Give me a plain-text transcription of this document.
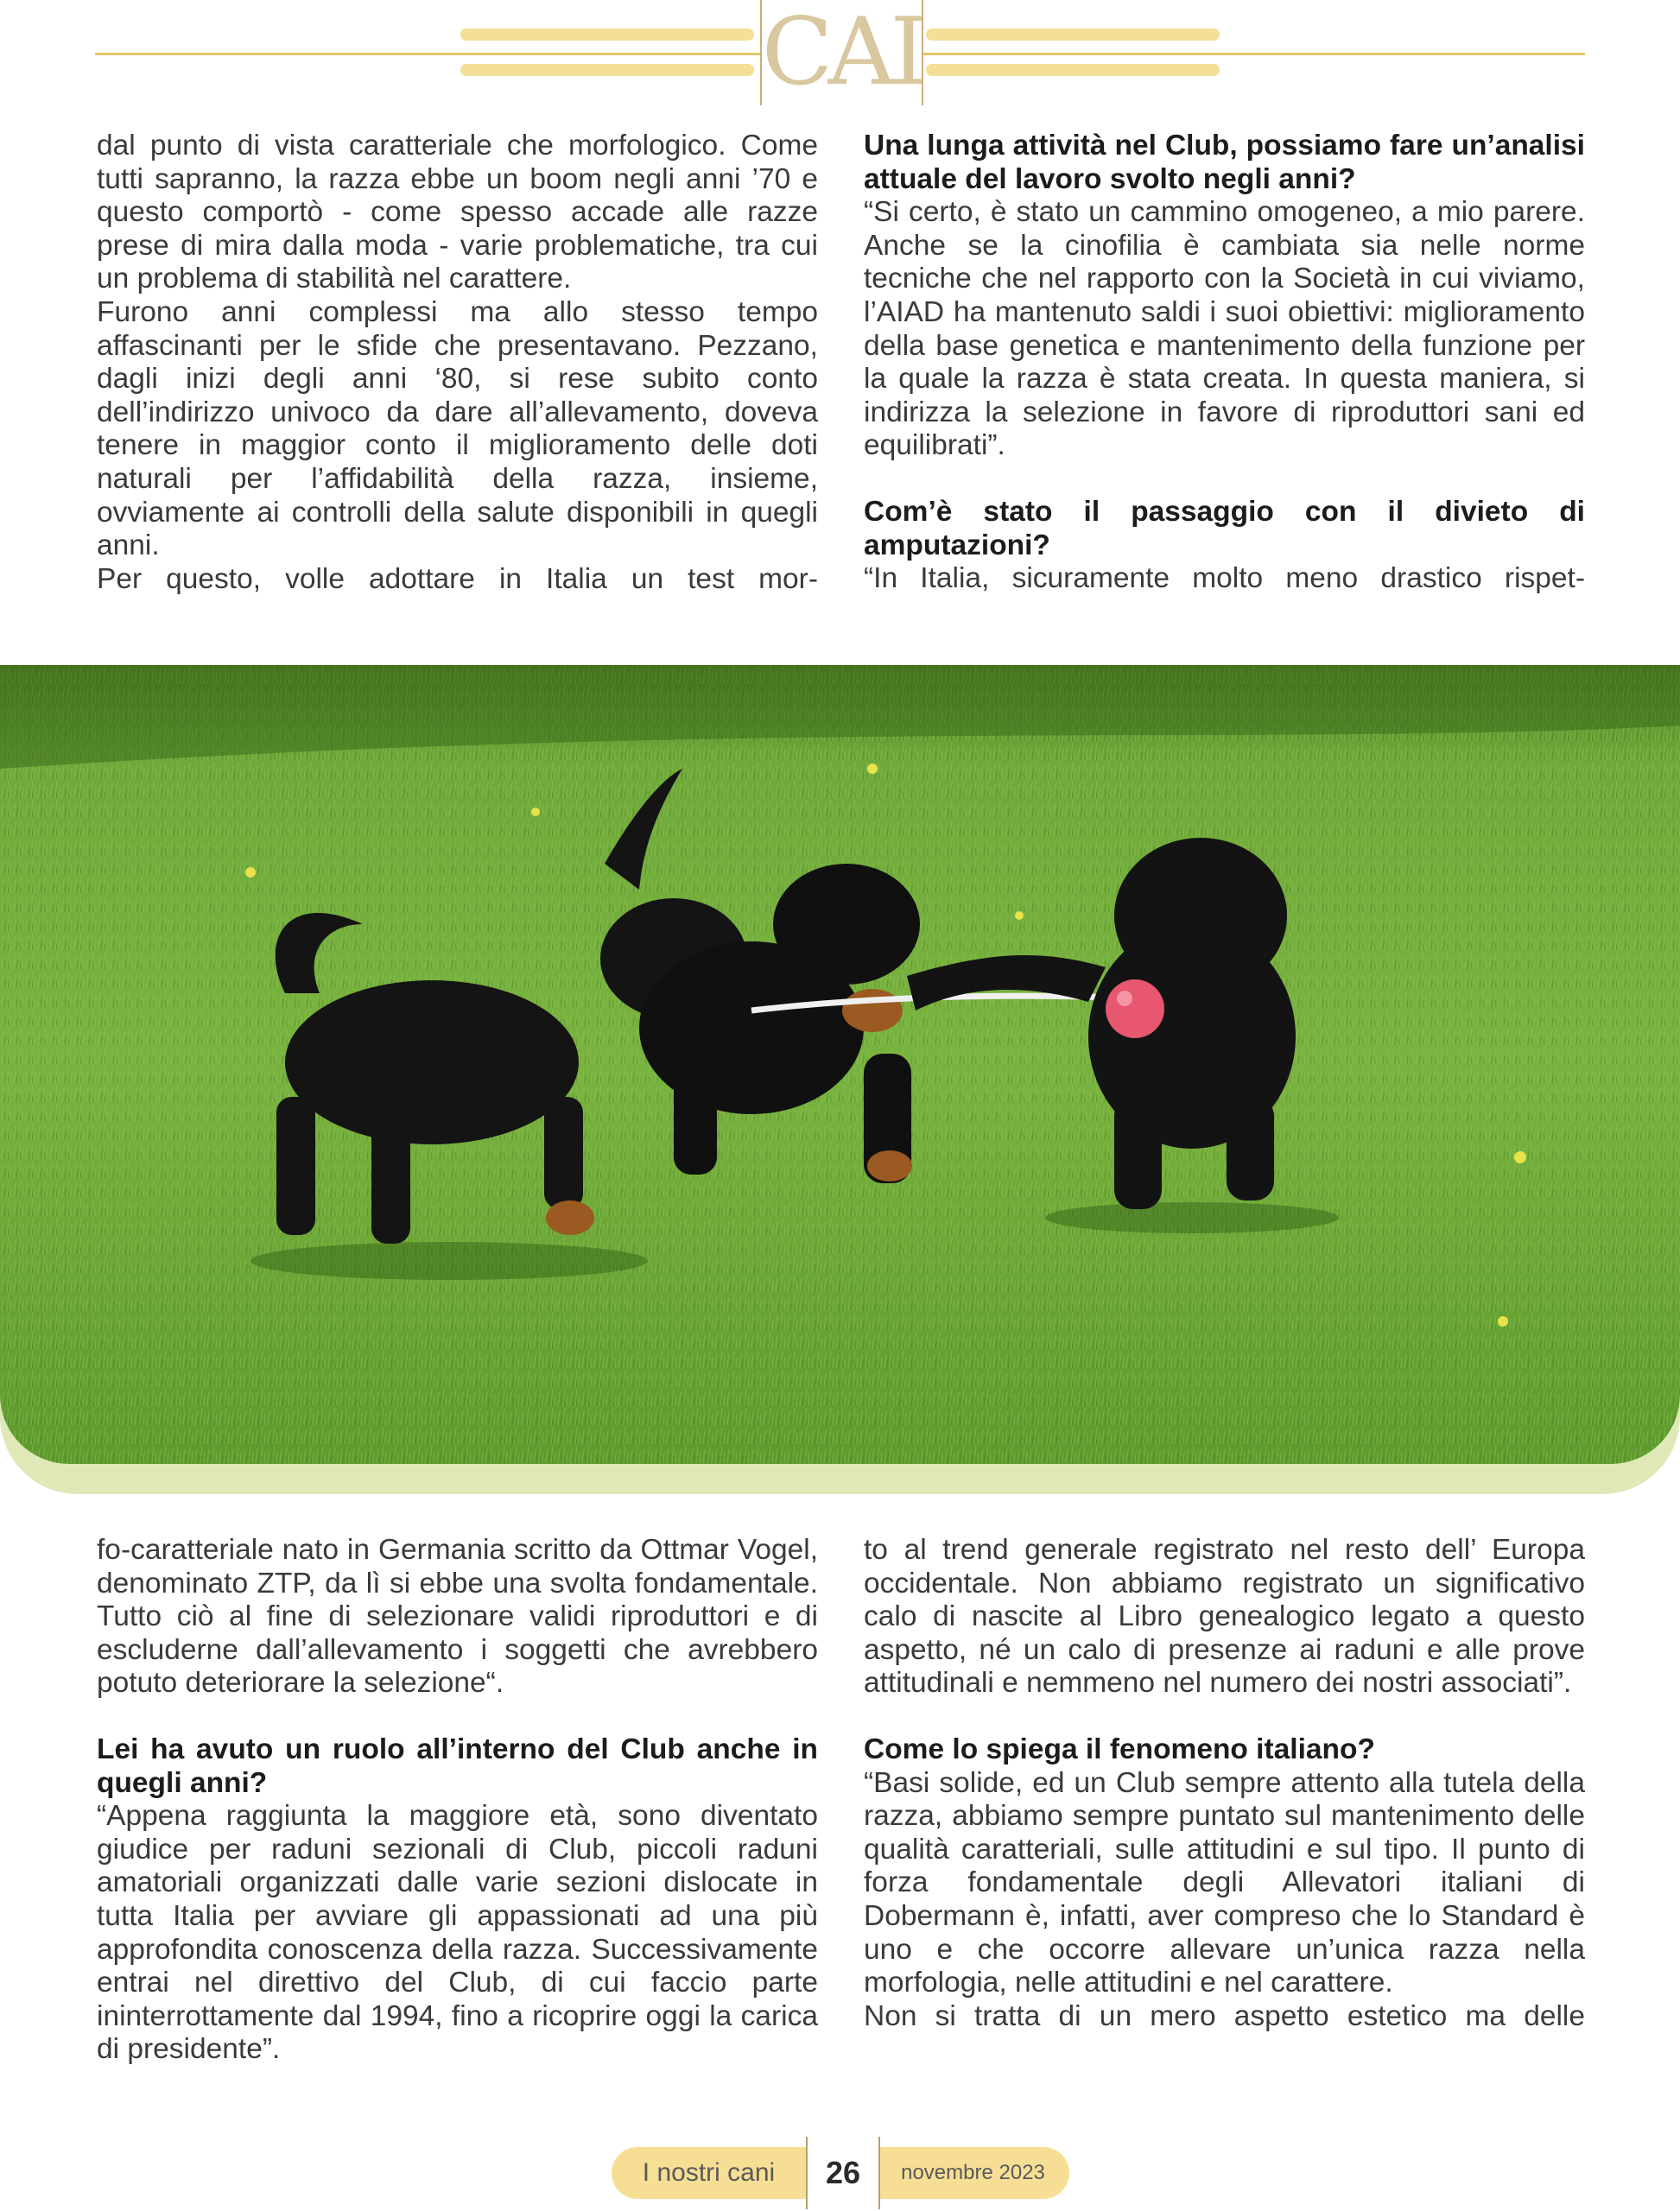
CAI

dal punto di vista caratteriale che morfologico. Come tutti sapranno, la razza ebbe un boom negli anni ’70 e questo comportò - come spesso accade alle razze prese di mira dalla moda - varie problematiche, tra cui un problema di stabilità nel carattere.

Furono anni complessi ma allo stesso tempo affascinanti per le sfide che presentavano. Pezzano, dagli inizi degli anni ‘80, si rese subito conto dell’indirizzo univoco da dare all’allevamento, doveva tenere in maggior conto il miglioramento delle doti naturali per l’affidabilità della razza, insieme, ovviamente ai controlli della salute disponibili in quegli anni.

Per questo, volle adottare in Italia un test mor-

Una lunga attività nel Club, possiamo fare un’analisi attuale del lavoro svolto negli anni?

“Si certo, è stato un cammino omogeneo, a mio parere. Anche se la cinofilia è cambiata sia nelle norme tecniche che nel rapporto con la Società in cui viviamo, l’AIAD ha mantenuto saldi i suoi obiettivi: miglioramento della base genetica e mantenimento della funzione per la quale la razza è stata creata. In questa maniera, si indirizza la selezione in favore di riproduttori sani ed equilibrati”.

Com’è stato il passaggio con il divieto di amputazioni?

“In Italia, sicuramente molto meno drastico rispet-

fo-caratteriale nato in Germania scritto da Ottmar Vogel, denominato ZTP, da lì si ebbe una svolta fondamentale. Tutto ciò al fine di selezionare validi riproduttori e di escluderne dall’allevamento i soggetti che avrebbero potuto deteriorare la selezione“.

Lei ha avuto un ruolo all’interno del Club anche in quegli anni?

“Appena raggiunta la maggiore età, sono diventato giudice per raduni sezionali di Club, piccoli raduni amatoriali organizzati dalle varie sezioni dislocate in tutta Italia per avviare gli appassionati ad una più approfondita conoscenza della razza. Successivamente entrai nel direttivo del Club, di cui faccio parte ininterrottamente dal 1994, fino a ricoprire oggi la carica di presidente”.

to al trend generale registrato nel resto dell’ Europa occidentale. Non abbiamo registrato un significativo calo di nascite al Libro genealogico legato a questo aspetto, né un calo di presenze ai raduni e alle prove attitudinali e nemmeno nel numero dei nostri associati”.

Come lo spiega il fenomeno italiano?

“Basi solide, ed un Club sempre attento alla tutela della razza, abbiamo sempre puntato sul mantenimento delle qualità caratteriali, sulle attitudini e sul tipo. Il punto di forza fondamentale degli Allevatori italiani di Dobermann è, infatti, aver compreso che lo Standard è uno e che occorre allevare un’unica razza nella morfologia, nelle attitudini e nel carattere.

Non si tratta di un mero aspetto estetico ma delle

I nostri cani	26	novembre 2023
